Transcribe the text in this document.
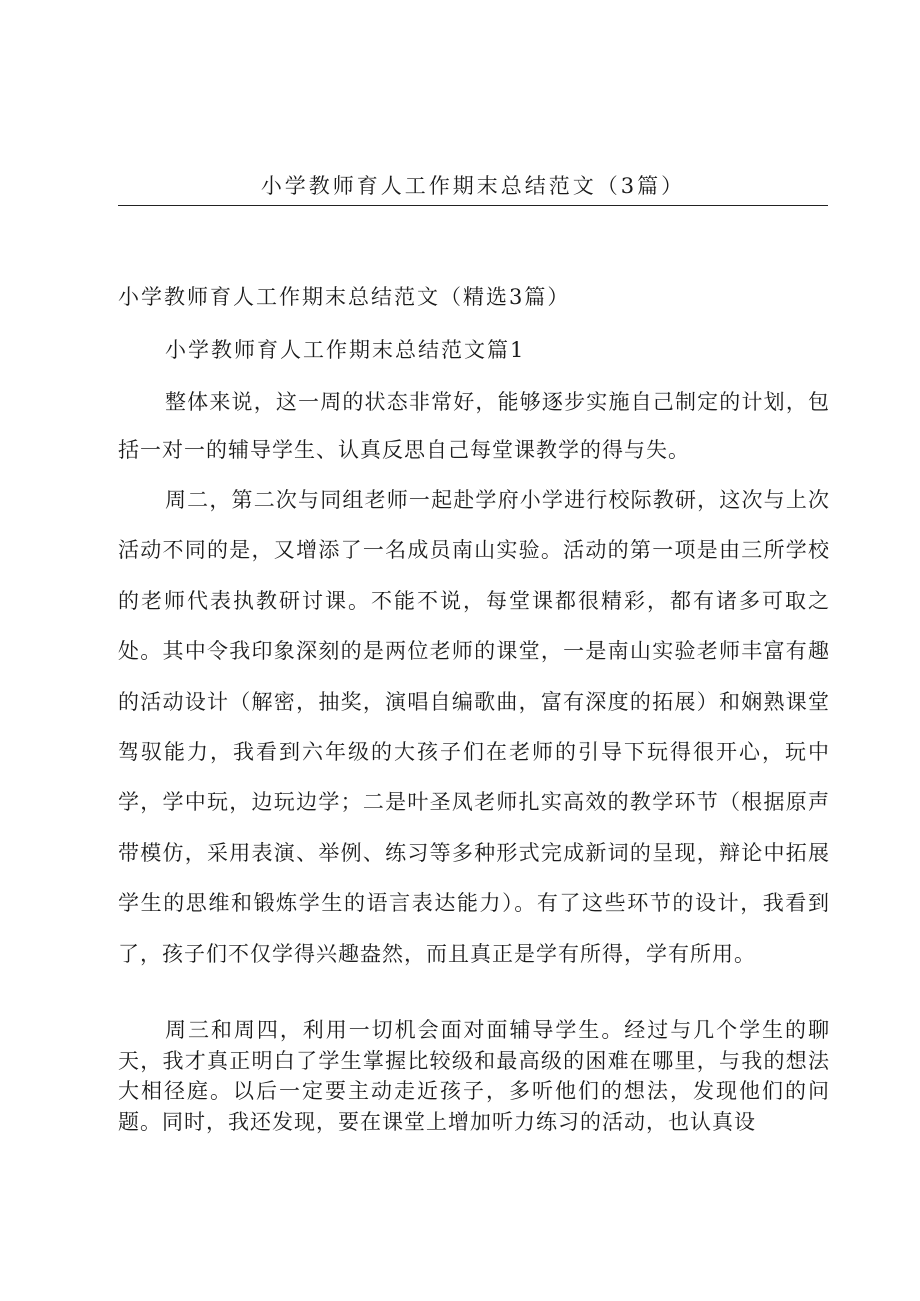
小学教师育人工作期末总结范文（3篇）
小学教师育人工作期末总结范文（精选3篇）
小学教师育人工作期末总结范文篇1

整体来说，这一周的状态非常好，能够逐步实施自己制定的计划，包括一对一的辅导学生、认真反思自己每堂课教学的得与失。

周二，第二次与同组老师一起赴学府小学进行校际教研，这次与上次活动不同的是，又增添了一名成员南山实验。活动的第一项是由三所学校的老师代表执教研讨课。不能不说，每堂课都很精彩，都有诸多可取之处。其中令我印象深刻的是两位老师的课堂，一是南山实验老师丰富有趣的活动设计（解密，抽奖，演唱自编歌曲，富有深度的拓展）和娴熟课堂驾驭能力，我看到六年级的大孩子们在老师的引导下玩得很开心，玩中学，学中玩，边玩边学；二是叶圣凤老师扎实高效的教学环节（根据原声带模仿，采用表演、举例、练习等多种形式完成新词的呈现，辩论中拓展学生的思维和锻炼学生的语言表达能力）。有了这些环节的设计，我看到了，孩子们不仅学得兴趣盎然，而且真正是学有所得，学有所用。

周三和周四，利用一切机会面对面辅导学生。经过与几个学生的聊天，我才真正明白了学生掌握比较级和最高级的困难在哪里，与我的想法大相径庭。以后一定要主动走近孩子，多听他们的想法，发现他们的问题。同时，我还发现，要在课堂上增加听力练习的活动，也认真设
